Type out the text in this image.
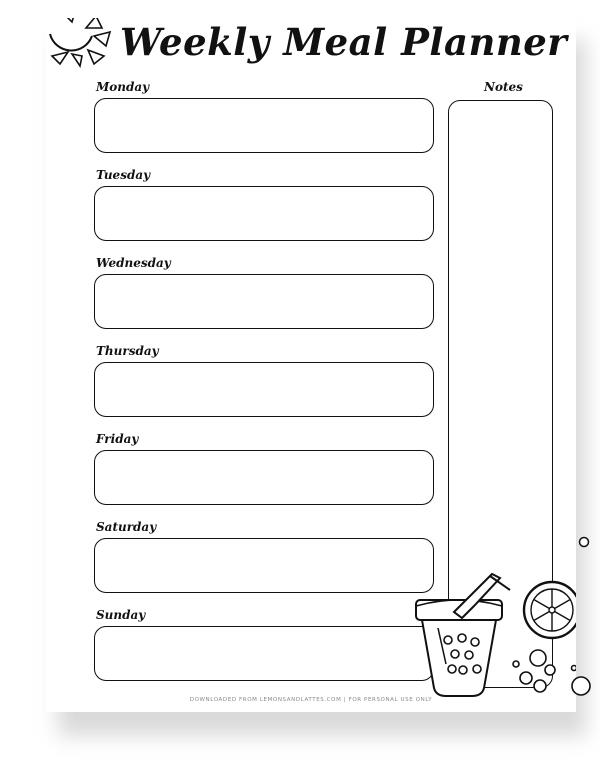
Weekly Meal Planner
Monday
Tuesday
Wednesday
Thursday
Friday
Saturday
Sunday
Notes
DOWNLOADED FROM LEMONSANDLATTES.COM | FOR PERSONAL USE ONLY
